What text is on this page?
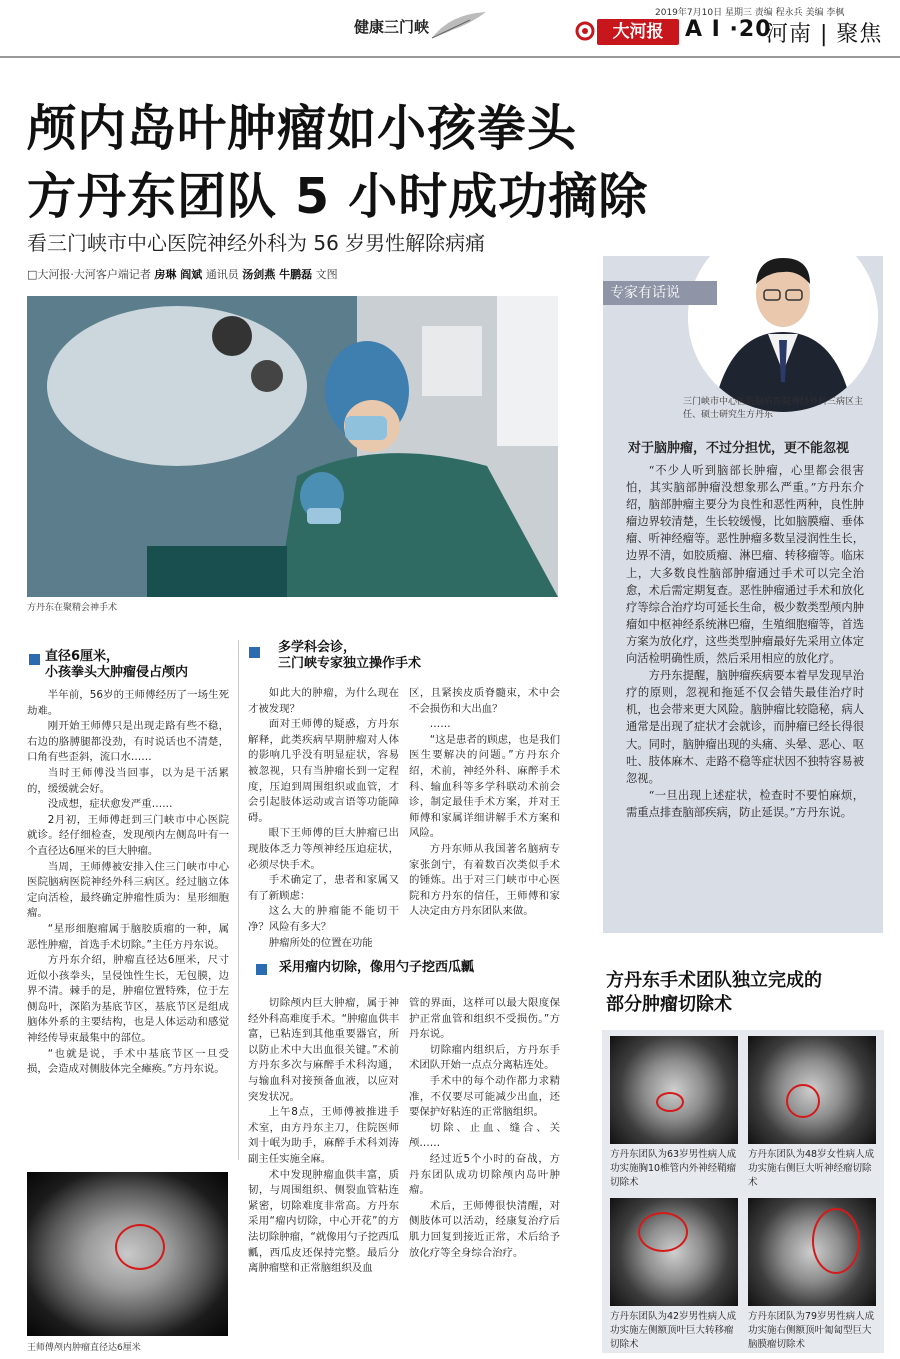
健康三门峡
2019年7月10日 星期三 责编 程永兵 美编 李枫
大河报 A I ·20
河南 | 聚焦
颅内岛叶肿瘤如小孩拳头
方丹东团队 5 小时成功摘除
看三门峡市中心医院神经外科为 56 岁男性解除病痛
□大河报·大河客户端记者 房琳 阎斌 通讯员 汤剑燕 牛鹏磊 文图
方丹东在聚精会神手术
专家有话说
三门峡市中心医院脑病医院神经外科三病区主任、硕士研究生方丹东
对于脑肿瘤，不过分担忧，更不能忽视

“不少人听到脑部长肿瘤，心里都会很害怕，其实脑部肿瘤没想象那么严重。”方丹东介绍，脑部肿瘤主要分为良性和恶性两种，良性肿瘤边界较清楚，生长较缓慢，比如脑膜瘤、垂体瘤、听神经瘤等。恶性肿瘤多数呈浸润性生长，边界不清，如胶质瘤、淋巴瘤、转移瘤等。临床上，大多数良性脑部肿瘤通过手术可以完全治愈，术后需定期复查。恶性肿瘤通过手术和放化疗等综合治疗均可延长生命，极少数类型颅内肿瘤如中枢神经系统淋巴瘤，生殖细胞瘤等，首选方案为放化疗，这些类型肿瘤最好先采用立体定向活检明确性质，然后采用相应的放化疗。

方丹东提醒，脑肿瘤疾病要本着早发现早治疗的原则，忽视和拖延不仅会错失最佳治疗时机，也会带来更大风险。脑肿瘤比较隐秘，病人通常是出现了症状才会就诊，而肿瘤已经长得很大。同时，脑肿瘤出现的头痛、头晕、恶心、呕吐、肢体麻木、走路不稳等症状因不独特容易被忽视。

“一旦出现上述症状，检查时不要怕麻烦，需重点排查脑部疾病，防止延误。”方丹东说。

直径6厘米，
小孩拳头大肿瘤侵占颅内

半年前，56岁的王师傅经历了一场生死劫难。

刚开始王师傅只是出现走路有些不稳，右边的胳膊腿都没劲，有时说话也不清楚，口角有些歪斜，流口水……

当时王师傅没当回事，以为是干活累的，缓缓就会好。

没成想，症状愈发严重……

2月初，王师傅赶到三门峡市中心医院就诊。经仔细检查，发现颅内左侧岛叶有一个直径达6厘米的巨大肿瘤。

当周，王师傅被安排入住三门峡市中心医院脑病医院神经外科三病区。经过脑立体定向活检，最终确定肿瘤性质为：星形细胞瘤。

“星形细胞瘤属于脑胶质瘤的一种，属恶性肿瘤，首选手术切除。”主任方丹东说。

方丹东介绍，肿瘤直径达6厘米，尺寸近似小孩拳头，呈侵蚀性生长，无包膜，边界不清。棘手的是，肿瘤位置特殊，位于左侧岛叶，深陷为基底节区，基底节区是组成脑体外系的主要结构，也是人体运动和感觉神经传导束最集中的部位。

“也就是说，手术中基底节区一旦受损，会造成对侧肢体完全瘫痪。”方丹东说。

多学科会诊，
三门峡专家独立操作手术

如此大的肿瘤，为什么现在才被发现？

面对王师傅的疑惑，方丹东解释，此类疾病早期肿瘤对人体的影响几乎没有明显症状，容易被忽视，只有当肿瘤长到一定程度，压迫到周围组织或血管，才会引起肢体运动或言语等功能障碍。

眼下王师傅的巨大肿瘤已出现肢体乏力等颅神经压迫症状，必须尽快手术。

手术确定了，患者和家属又有了新顾虑：

这么大的肿瘤能不能切干净？风险有多大？

肿瘤所处的位置在功能

区，且紧挨皮质脊髓束，术中会不会损伤和大出血？

……

“这是患者的顾虑，也是我们医生要解决的问题。”方丹东介绍，术前，神经外科、麻醉手术科、输血科等多学科联动术前会诊，制定最佳手术方案，并对王师傅和家属详细讲解手术方案和风险。

方丹东师从我国著名脑病专家张剑宁，有着数百次类似手术的锤炼。出于对三门峡市中心医院和方丹东的信任，王师傅和家人决定由方丹东团队来做。

采用瘤内切除，像用勺子挖西瓜瓤

切除颅内巨大肿瘤，属于神经外科高难度手术。“肿瘤血供丰富，已粘连到其他重要器官，所以防止术中大出血很关键。”术前方丹东多次与麻醉手术科沟通，与输血科对接预备血液，以应对突发状况。

上午8点，王师傅被推进手术室，由方丹东主刀，住院医师刘十岷为助手，麻醉手术科刘涛副主任实施全麻。

术中发现肿瘤血供丰富，质韧，与周围组织、侧裂血管粘连紧密，切除难度非常高。方丹东采用“瘤内切除，中心开花”的方法切除肿瘤，“就像用勺子挖西瓜瓤，西瓜皮还保持完整。最后分离肿瘤壁和正常脑组织及血

管的界面，这样可以最大限度保护正常血管和组织不受损伤。”方丹东说。

切除瘤内组织后，方丹东手术团队开始一点点分离粘连处。

手术中的每个动作都力求精准，不仅要尽可能减少出血，还要保护好粘连的正常脑组织。

切除、止血、缝合、关颅……

经过近5个小时的奋战，方丹东团队成功切除颅内岛叶肿瘤。

术后，王师傅很快清醒，对侧肢体可以活动，经康复治疗后肌力回复到接近正常，术后给予放化疗等全身综合治疗。

王师傅颅内肿瘤直径达6厘米
方丹东手术团队独立完成的
部分肿瘤切除术
方丹东团队为63岁男性病人成功实施胸10椎管内外神经鞘瘤切除术
方丹东团队为48岁女性病人成功实施右侧巨大听神经瘤切除术
方丹东团队为42岁男性病人成功实施左侧额顶叶巨大转移瘤切除术
方丹东团队为79岁男性病人成功实施右侧额顶叶匍匐型巨大脑膜瘤切除术
